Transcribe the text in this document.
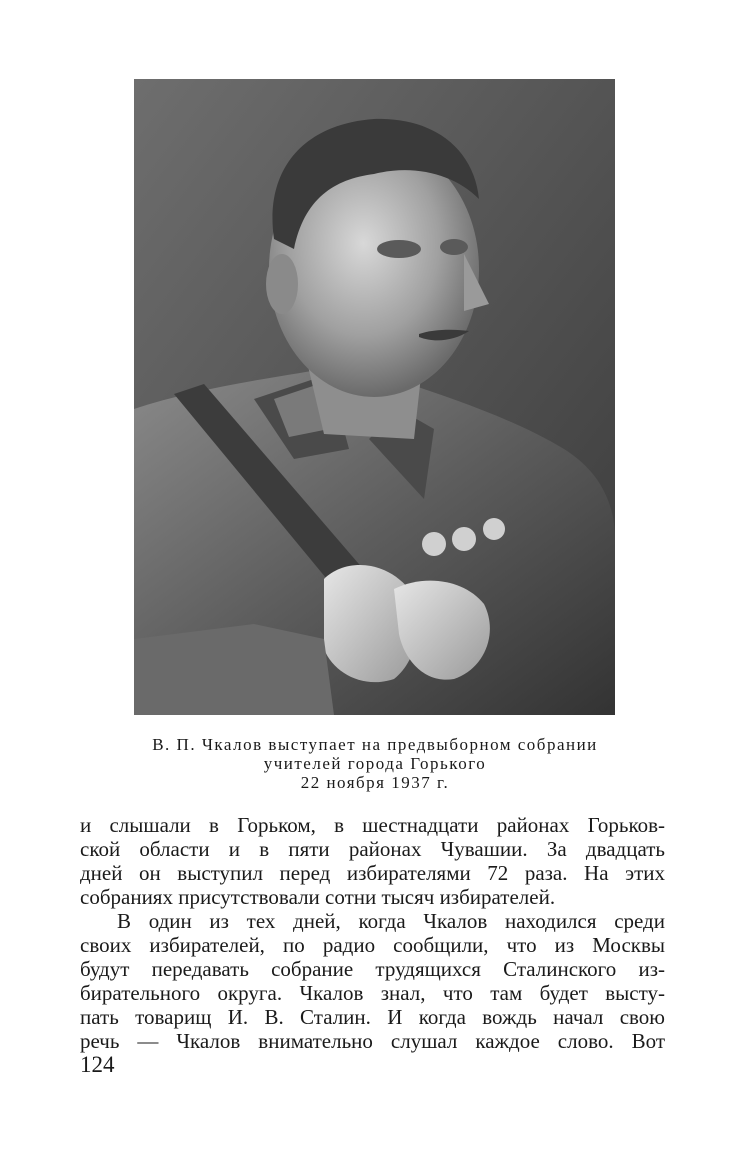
В. П. Чкалов выступает на предвыборном собрании
учителей города Горького
22 ноября 1937 г.
и слышали в Горьком, в шестнадцати районах Горьков-
ской области и в пяти районах Чувашии. За двадцать
дней он выступил перед избирателями 72 раза. На этих
собраниях присутствовали сотни тысяч избирателей.
В один из тех дней, когда Чкалов находился среди
своих избирателей, по радио сообщили, что из Москвы
будут передавать собрание трудящихся Сталинского из-
бирательного округа. Чкалов знал, что там будет высту-
пать товарищ И. В. Сталин. И когда вождь начал свою
речь — Чкалов внимательно слушал каждое слово. Вот
124
